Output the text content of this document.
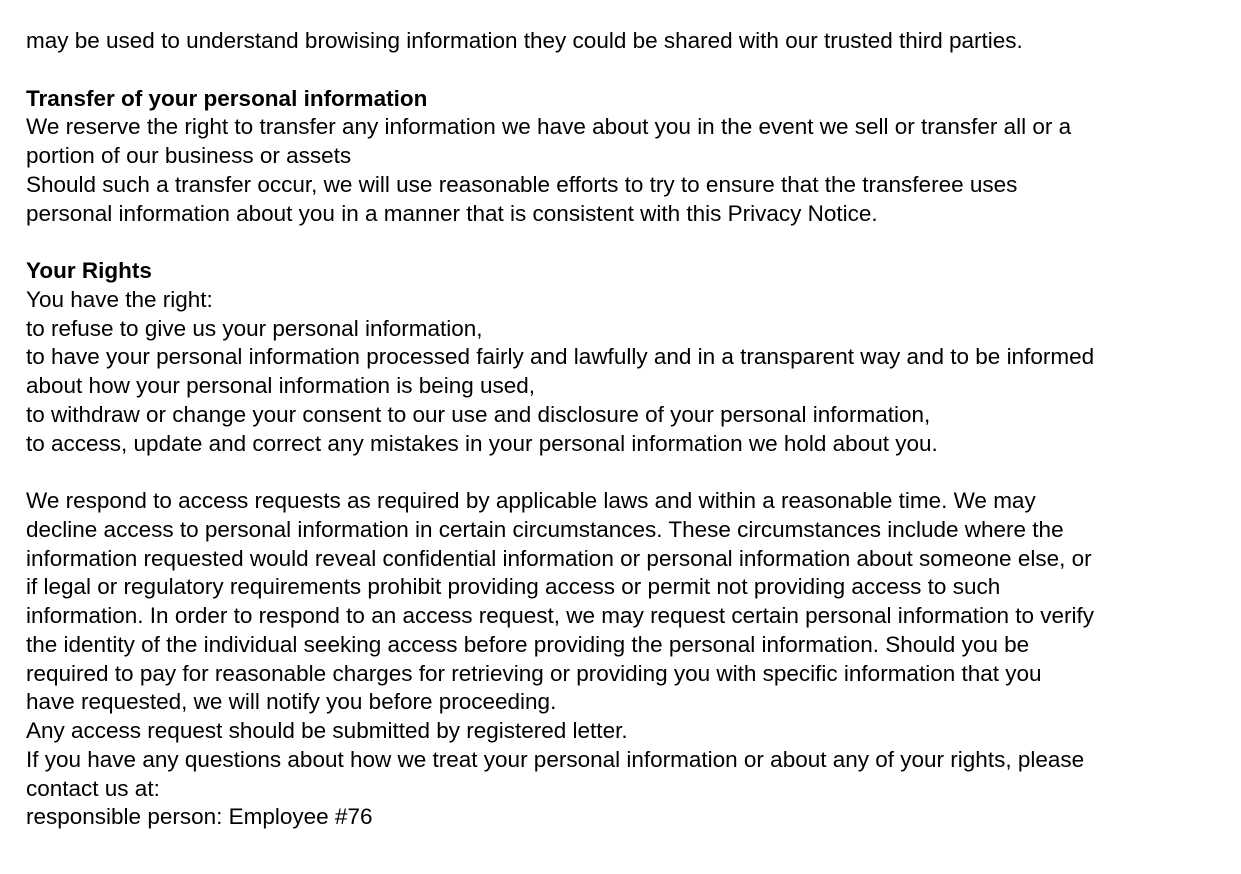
may be used to understand browising information they could be shared with our trusted third parties.
Transfer of your personal information
We reserve the right to transfer any information we have about you in the event we sell or transfer all or a
portion of our business or assets
Should such a transfer occur, we will use reasonable efforts to try to ensure that the transferee uses
personal information about you in a manner that is consistent with this Privacy Notice.
Your Rights
You have the right:
to refuse to give us your personal information,
to have your personal information processed fairly and lawfully and in a transparent way and to be informed
about how your personal information is being used,
to withdraw or change your consent to our use and disclosure of your personal information,
to access, update and correct any mistakes in your personal information we hold about you.
We respond to access requests as required by applicable laws and within a reasonable time. We may
decline access to personal information in certain circumstances. These circumstances include where the
information requested would reveal confidential information or personal information about someone else, or
if legal or regulatory requirements prohibit providing access or permit not providing access to such
information. In order to respond to an access request, we may request certain personal information to verify
the identity of the individual seeking access before providing the personal information. Should you be
required to pay for reasonable charges for retrieving or providing you with specific information that you
have requested, we will notify you before proceeding.
Any access request should be submitted by registered letter.
If you have any questions about how we treat your personal information or about any of your rights, please
contact us at:
responsible person: Employee #76
